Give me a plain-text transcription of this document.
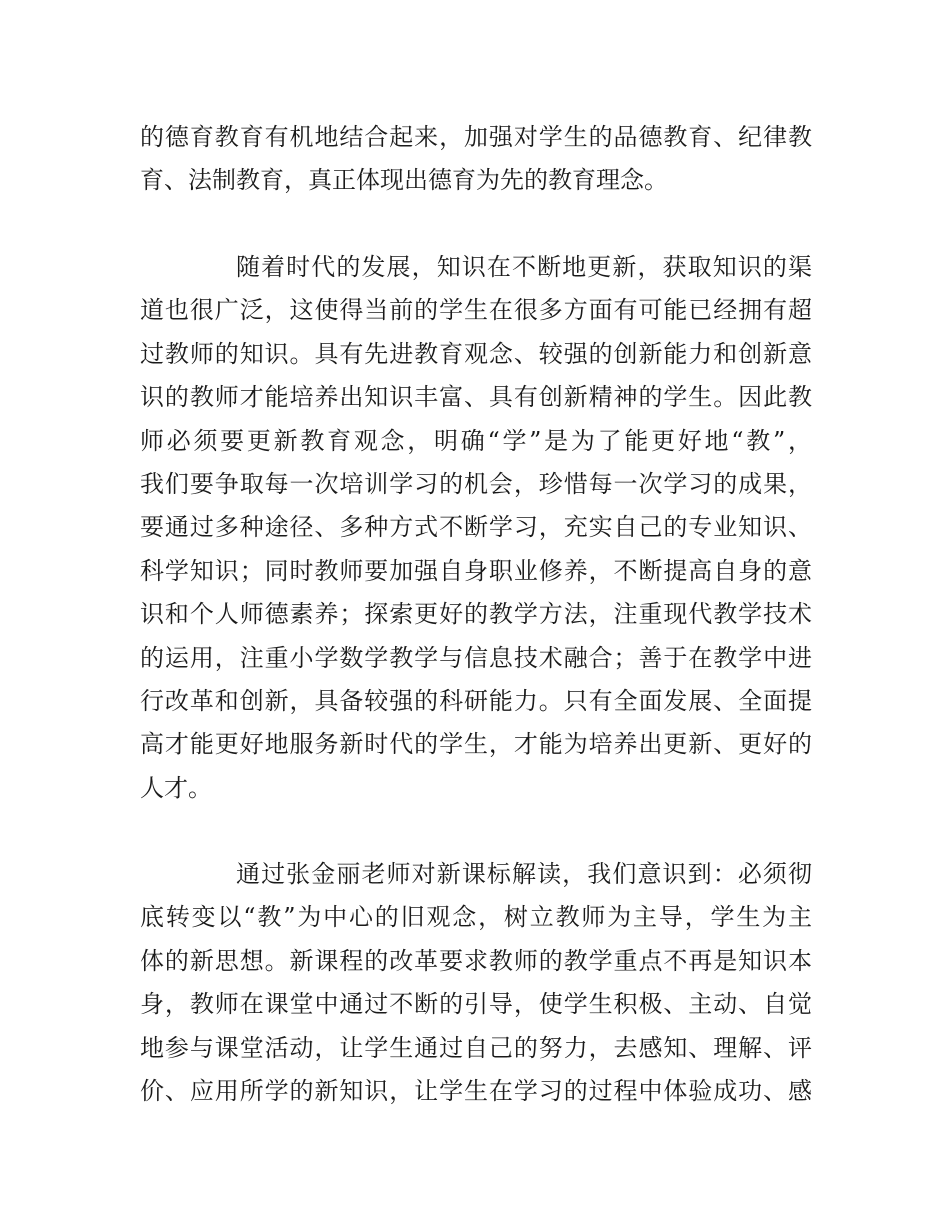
的德育教育有机地结合起来，加强对学生的品德教育、纪律教
育、法制教育，真正体现出德育为先的教育理念。
随着时代的发展，知识在不断地更新，获取知识的渠
道也很广泛，这使得当前的学生在很多方面有可能已经拥有超
过教师的知识。具有先进教育观念、较强的创新能力和创新意
识的教师才能培养出知识丰富、具有创新精神的学生。因此教
师必须要更新教育观念，明确“学”是为了能更好地“教”，
我们要争取每一次培训学习的机会，珍惜每一次学习的成果，
要通过多种途径、多种方式不断学习，充实自己的专业知识、
科学知识；同时教师要加强自身职业修养，不断提高自身的意
识和个人师德素养；探索更好的教学方法，注重现代教学技术
的运用，注重小学数学教学与信息技术融合；善于在教学中进
行改革和创新，具备较强的科研能力。只有全面发展、全面提
高才能更好地服务新时代的学生，才能为培养出更新、更好的
人才。
通过张金丽老师对新课标解读，我们意识到：必须彻
底转变以“教”为中心的旧观念，树立教师为主导，学生为主
体的新思想。新课程的改革要求教师的教学重点不再是知识本
身，教师在课堂中通过不断的引导，使学生积极、主动、自觉
地参与课堂活动，让学生通过自己的努力，去感知、理解、评
价、应用所学的新知识，让学生在学习的过程中体验成功、感
